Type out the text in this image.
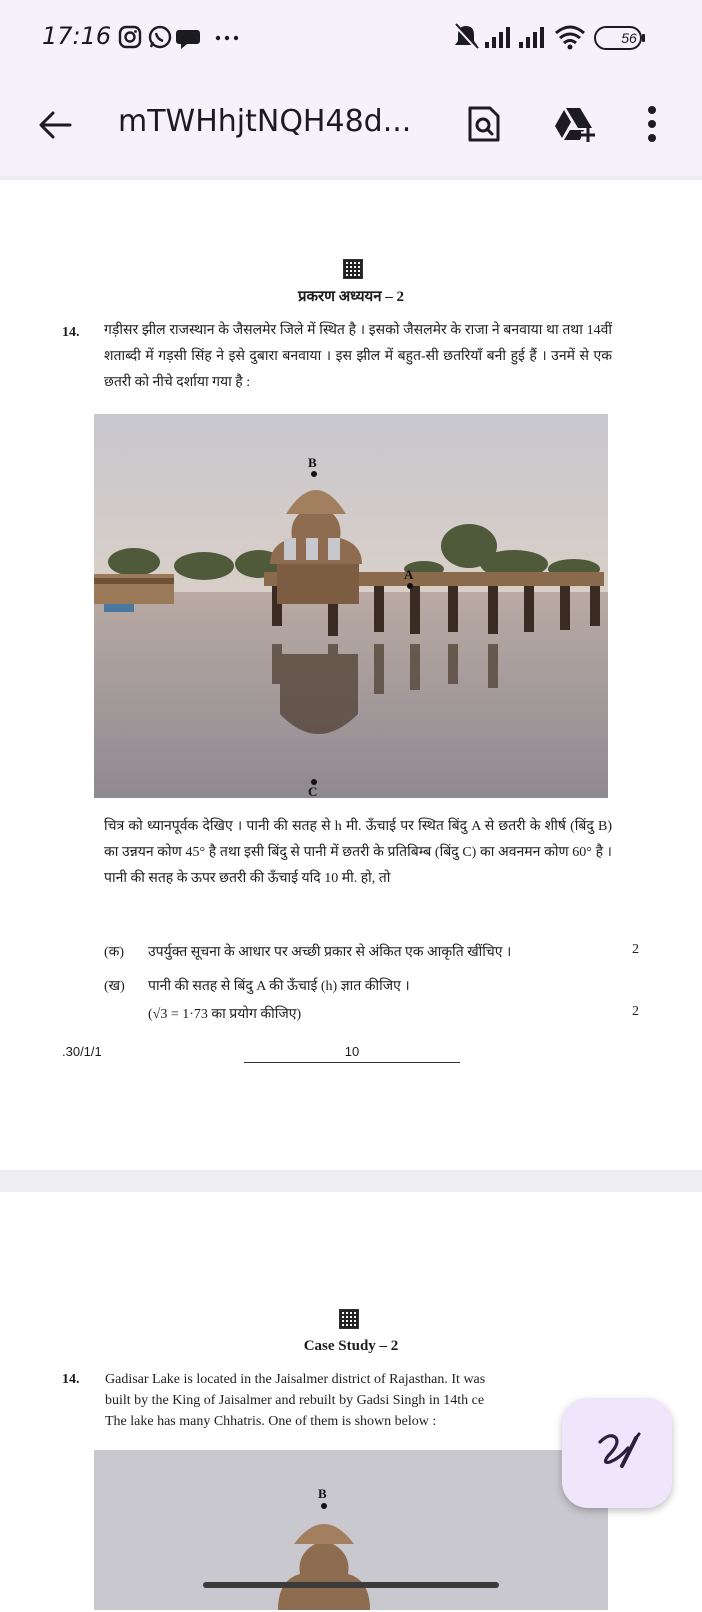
17:16	56
mTWHhjtNQH48d...
प्रकरण अध्ययन – 2
14. गड़ीसर झील राजस्थान के जैसलमेर जिले में स्थित है । इसको जैसलमेर के राजा ने बनवाया था तथा 14वीं शताब्दी में गड़सी सिंह ने इसे दुबारा बनवाया । इस झील में बहुत-सी छतरियाँ बनी हुई हैं । उनमें से एक छतरी को नीचे दर्शाया गया है :
B
A
C
चित्र को ध्यानपूर्वक देखिए । पानी की सतह से h मी. ऊँचाई पर स्थित बिंदु A से छतरी के शीर्ष (बिंदु B) का उन्नयन कोण 45° है तथा इसी बिंदु से पानी में छतरी के प्रतिबिम्ब (बिंदु C) का अवनमन कोण 60° है । पानी की सतह के ऊपर छतरी की ऊँचाई यदि 10 मी. हो, तो
(क) उपर्युक्त सूचना के आधार पर अच्छी प्रकार से अंकित एक आकृति खींचिए ।	2
(ख) पानी की सतह से बिंदु A की ऊँचाई (h) ज्ञात कीजिए ।
(√3 = 1·73 का प्रयोग कीजिए)	2
.30/1/1	10
Case Study – 2
14. Gadisar Lake is located in the Jaisalmer district of Rajasthan. It was
built by the King of Jaisalmer and rebuilt by Gadsi Singh in 14th ce
The lake has many Chhatris. One of them is shown below :
B
